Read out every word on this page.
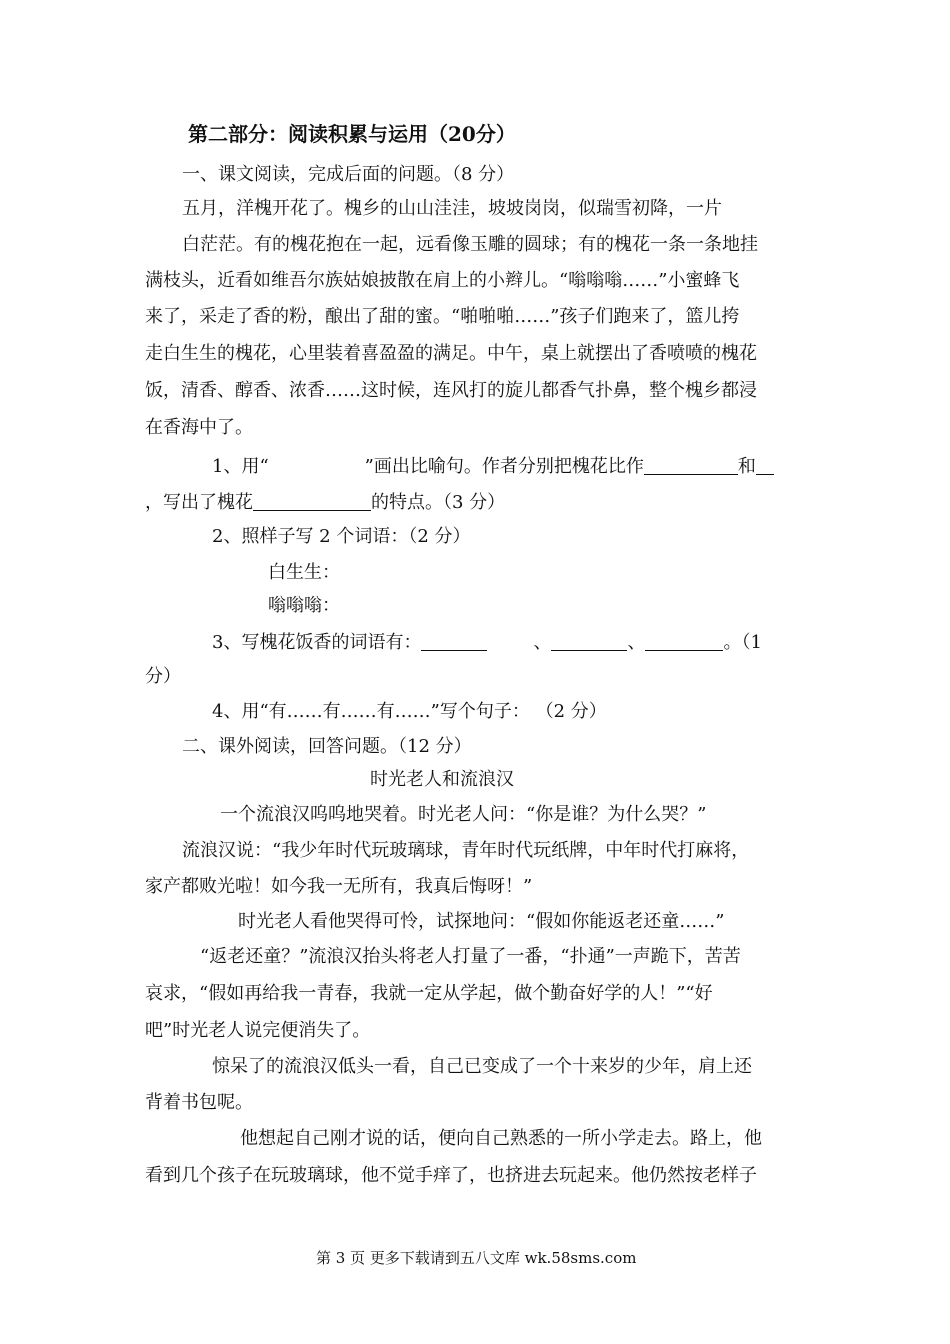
第二部分：阅读积累与运用（20分）
一、课文阅读，完成后面的问题。（8 分）
五月，洋槐开花了。槐乡的山山洼洼，坡坡岗岗，似瑞雪初降，一片
白茫茫。有的槐花抱在一起，远看像玉雕的圆球；有的槐花一条一条地挂
满枝头，近看如维吾尔族姑娘披散在肩上的小辫儿。“嗡嗡嗡……”小蜜蜂飞
来了，采走了香的粉，酿出了甜的蜜。“啪啪啪……”孩子们跑来了，篮儿挎
走白生生的槐花，心里装着喜盈盈的满足。中午，桌上就摆出了香喷喷的槐花
饭，清香、醇香、浓香……这时候，连风打的旋儿都香气扑鼻，整个槐乡都浸
在香海中了。
1、用“	”画出比喻句。作者分别把槐花比作	和
，写出了槐花	的特点。（3 分）
2、照样子写 2 个词语：（2 分）
白生生：
嗡嗡嗡：
3、写槐花饭香的词语有：	、	、	。（1
分）
4、用“有……有……有……”写个句子： （2 分）
二、课外阅读，回答问题。（12 分）
时光老人和流浪汉
一个流浪汉呜呜地哭着。时光老人问：“你是谁？为什么哭？”
流浪汉说：“我少年时代玩玻璃球，青年时代玩纸牌，中年时代打麻将，
家产都败光啦！如今我一无所有，我真后悔呀！”
时光老人看他哭得可怜，试探地问：“假如你能返老还童……”
“返老还童？”流浪汉抬头将老人打量了一番，“扑通”一声跪下，苦苦
哀求，“假如再给我一青春，我就一定从学起，做个勤奋好学的人！”“好
吧”时光老人说完便消失了。
惊呆了的流浪汉低头一看，自己已变成了一个十来岁的少年，肩上还
背着书包呢。
他想起自己刚才说的话，便向自己熟悉的一所小学走去。路上，他
看到几个孩子在玩玻璃球，他不觉手痒了，也挤进去玩起来。他仍然按老样子
第 3 页 更多下载请到五八文库 wk.58sms.com
